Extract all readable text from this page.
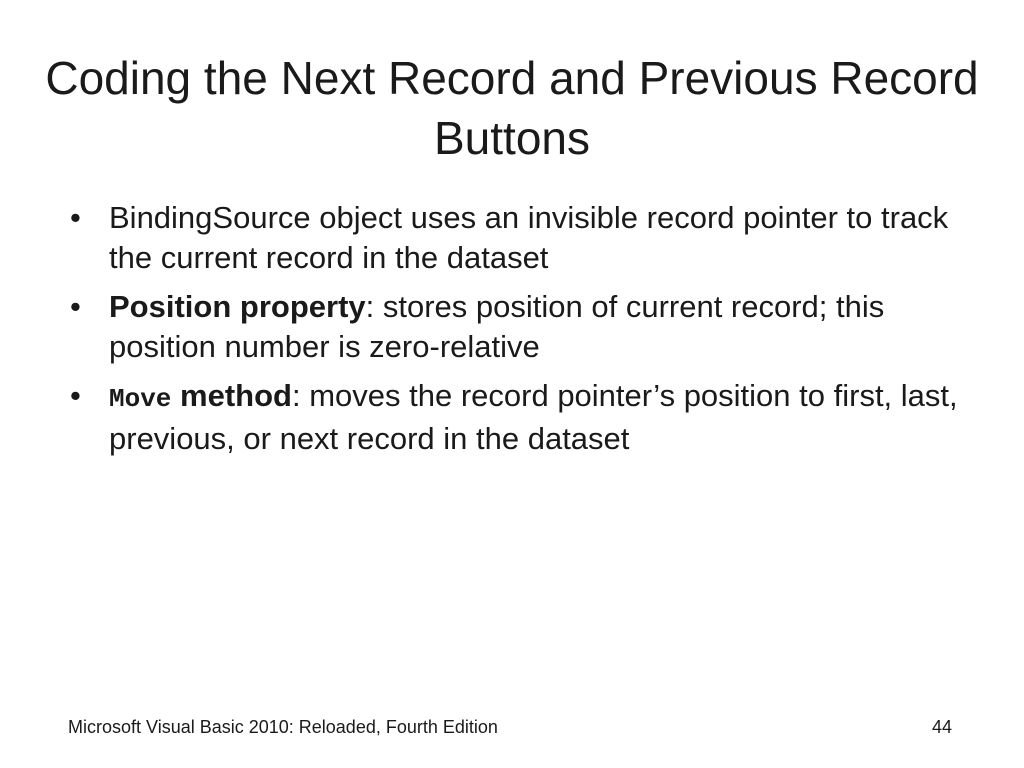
Coding the Next Record and Previous Record Buttons
• BindingSource object uses an invisible record pointer to track the current record in the dataset
• Position property: stores position of current record; this position number is zero-relative
•	Move method: moves the record pointer’s position to first, last, previous, or next record in the dataset
Microsoft Visual Basic 2010: Reloaded, Fourth Edition	44
